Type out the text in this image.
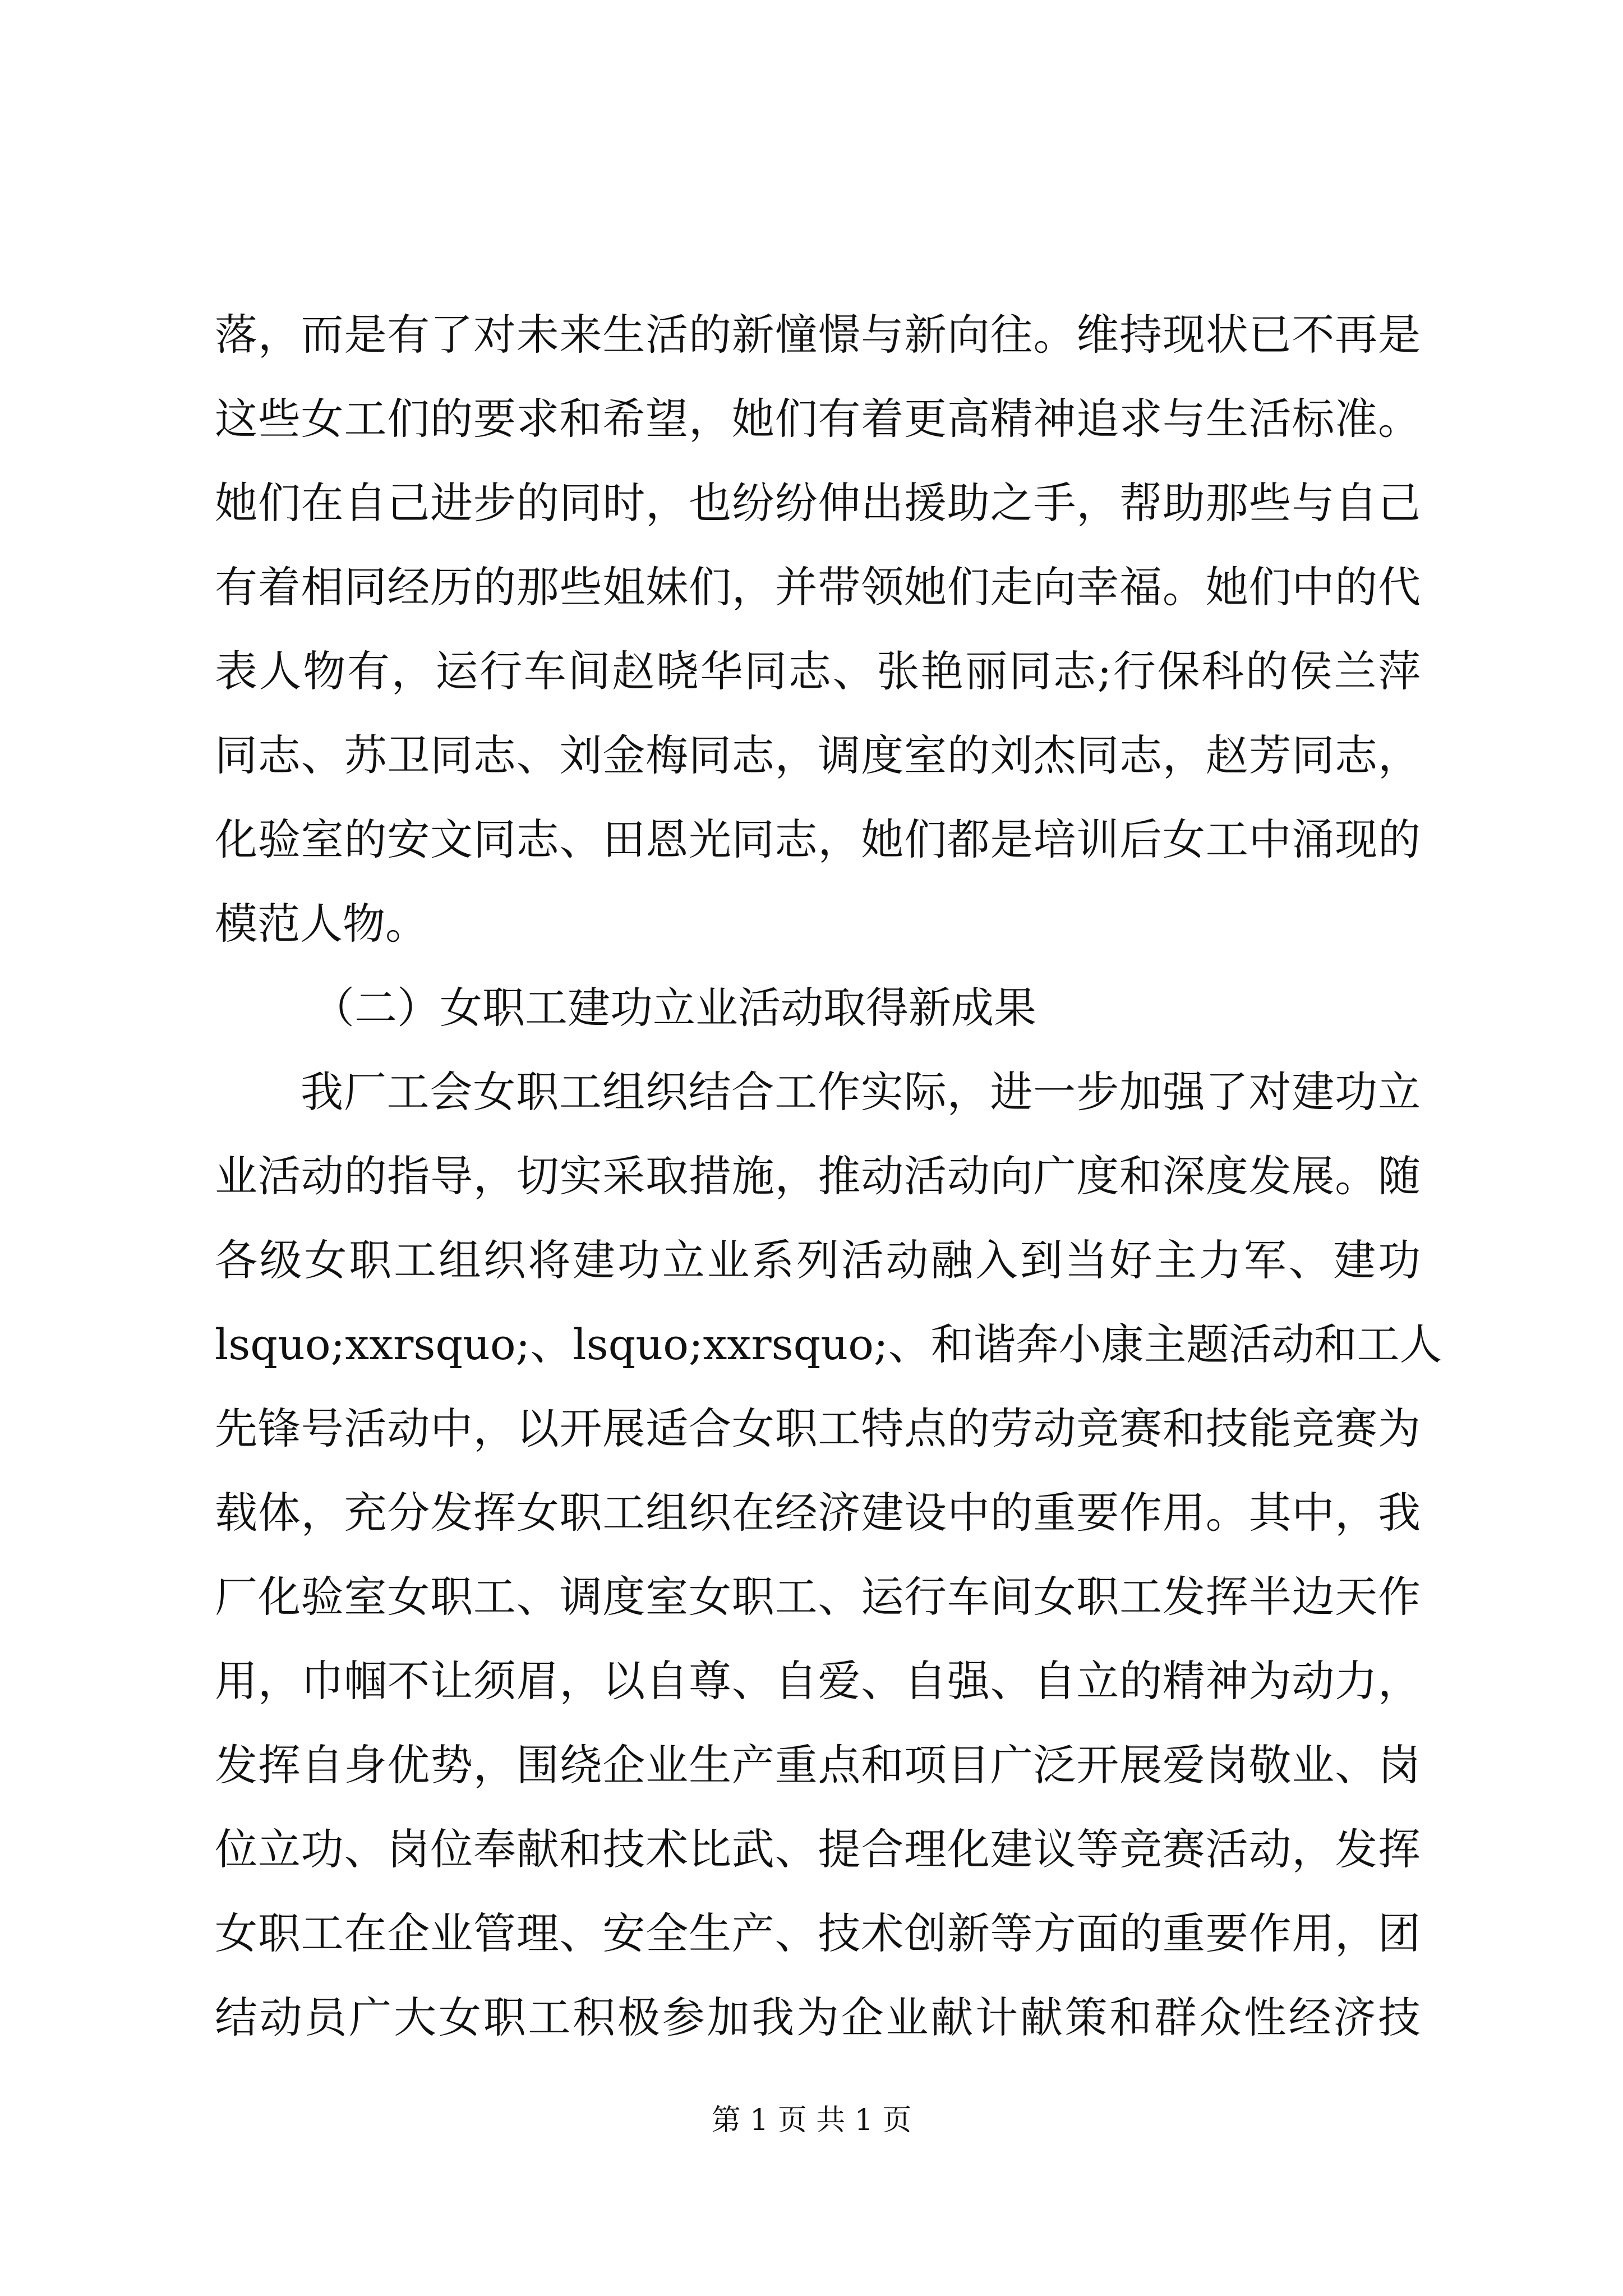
落，而是有了对未来生活的新憧憬与新向往。维持现状已不再是
这些女工们的要求和希望，她们有着更高精神追求与生活标准。
她们在自己进步的同时，也纷纷伸出援助之手，帮助那些与自己
有着相同经历的那些姐妹们，并带领她们走向幸福。她们中的代
表人物有，运行车间赵晓华同志、张艳丽同志;行保科的侯兰萍
同志、苏卫同志、刘金梅同志，调度室的刘杰同志，赵芳同志，
化验室的安文同志、田恩光同志，她们都是培训后女工中涌现的
模范人物。
（二）女职工建功立业活动取得新成果
我厂工会女职工组织结合工作实际，进一步加强了对建功立
业活动的指导，切实采取措施，推动活动向广度和深度发展。随
各级女职工组织将建功立业系列活动融入到当好主力军、建功
lsquo;xxrsquo;、lsquo;xxrsquo;、和谐奔小康主题活动和工人
先锋号活动中，以开展适合女职工特点的劳动竞赛和技能竞赛为
载体，充分发挥女职工组织在经济建设中的重要作用。其中，我
厂化验室女职工、调度室女职工、运行车间女职工发挥半边天作
用，巾帼不让须眉，以自尊、自爱、自强、自立的精神为动力，
发挥自身优势，围绕企业生产重点和项目广泛开展爱岗敬业、岗
位立功、岗位奉献和技术比武、提合理化建议等竞赛活动，发挥
女职工在企业管理、安全生产、技术创新等方面的重要作用，团
结动员广大女职工积极参加我为企业献计献策和群众性经济技
第 1 页 共 1 页
